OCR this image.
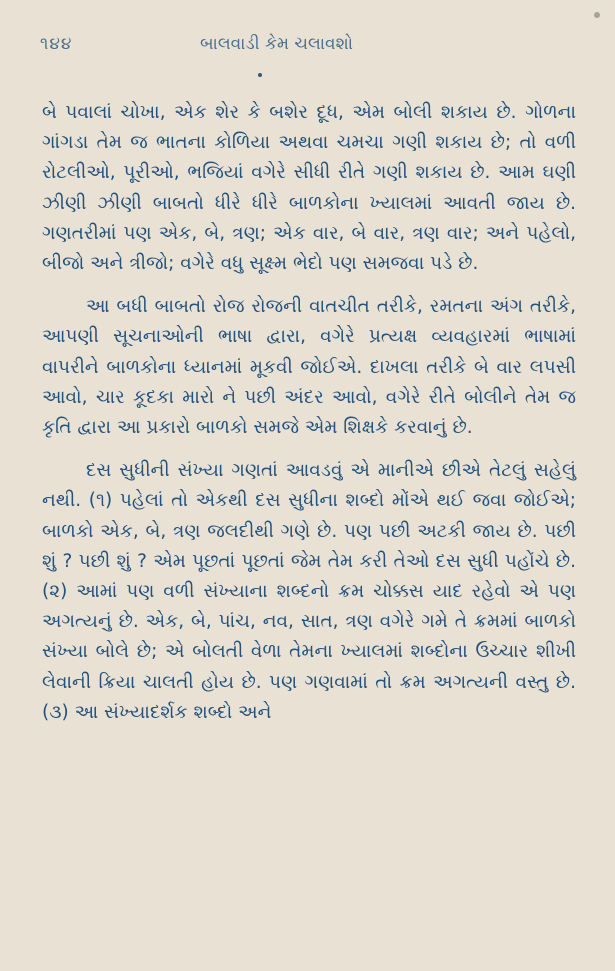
૧૪૪	બાલવાડી કેમ ચલાવશો

બે પવાલાં ચોખા, એક શેર કે બશેર દૂધ, એમ બોલી શકાય છે. ગોળના ગાંગડા તેમ જ ભાતના કોળિયા અથવા ચમચા ગણી શકાય છે; તો વળી રોટલીઓ, પૂરીઓ, ભજિયાં વગેરે સીધી રીતે ગણી શકાય છે. આમ ઘણી ઝીણી ઝીણી બાબતો ધીરે ધીરે બાળકોના ખ્યાલમાં આવતી જાય છે. ગણતરીમાં પણ એક, બે, ત્રણ; એક વાર, બે વાર, ત્રણ વાર; અને પહેલો, બીજો અને ત્રીજો; વગેરે વધુ સૂક્ષ્મ ભેદો પણ સમજવા પડે છે.

આ બધી બાબતો રોજ રોજની વાતચીત તરીકે, રમતના અંગ તરીકે, આપણી સૂચનાઓની ભાષા દ્વારા, વગેરે પ્રત્યક્ષ વ્યવહારમાં ભાષામાં વાપરીને બાળકોના ધ્યાનમાં મૂકવી જોઈએ. દાખલા તરીકે બે વાર લપસી આવો, ચાર કૂદકા મારો ને પછી અંદર આવો, વગેરે રીતે બોલીને તેમ જ કૃતિ દ્વારા આ પ્રકારો બાળકો સમજે એમ શિક્ષકે કરવાનું છે.

દસ સુધીની સંખ્યા ગણતાં આવડવું એ માનીએ છીએ તેટલું સહેલું નથી. (૧) પહેલાં તો એકથી દસ સુધીના શબ્દો મોંએ થઈ જવા જોઈએ; બાળકો એક, બે, ત્રણ જલદીથી ગણે છે. પણ પછી અટકી જાય છે. પછી શું ? પછી શું ? એમ પૂછતાં પૂછતાં જેમ તેમ કરી તેઓ દસ સુધી પહોંચે છે. (૨) આમાં પણ વળી સંખ્યાના શબ્દનો ક્રમ ચોક્કસ યાદ રહેવો એ પણ અગત્યનું છે. એક, બે, પાંચ, નવ, સાત, ત્રણ વગેરે ગમે તે ક્રમમાં બાળકો સંખ્યા બોલે છે; એ બોલતી વેળા તેમના ખ્યાલમાં શબ્દોના ઉચ્ચાર શીખી લેવાની ક્રિયા ચાલતી હોય છે. પણ ગણવામાં તો ક્રમ અગત્યની વસ્તુ છે. (૩) આ સંખ્યાદર્શક શબ્દો અને
